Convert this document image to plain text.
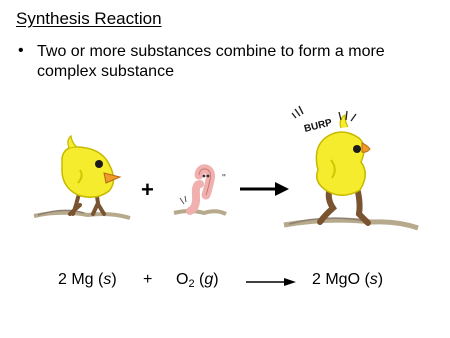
Synthesis Reaction
• Two or more substances combine to form a more complex substance
+	''
BURP
2 Mg $(s) + O_2$ (g)	2 MgO (s)
